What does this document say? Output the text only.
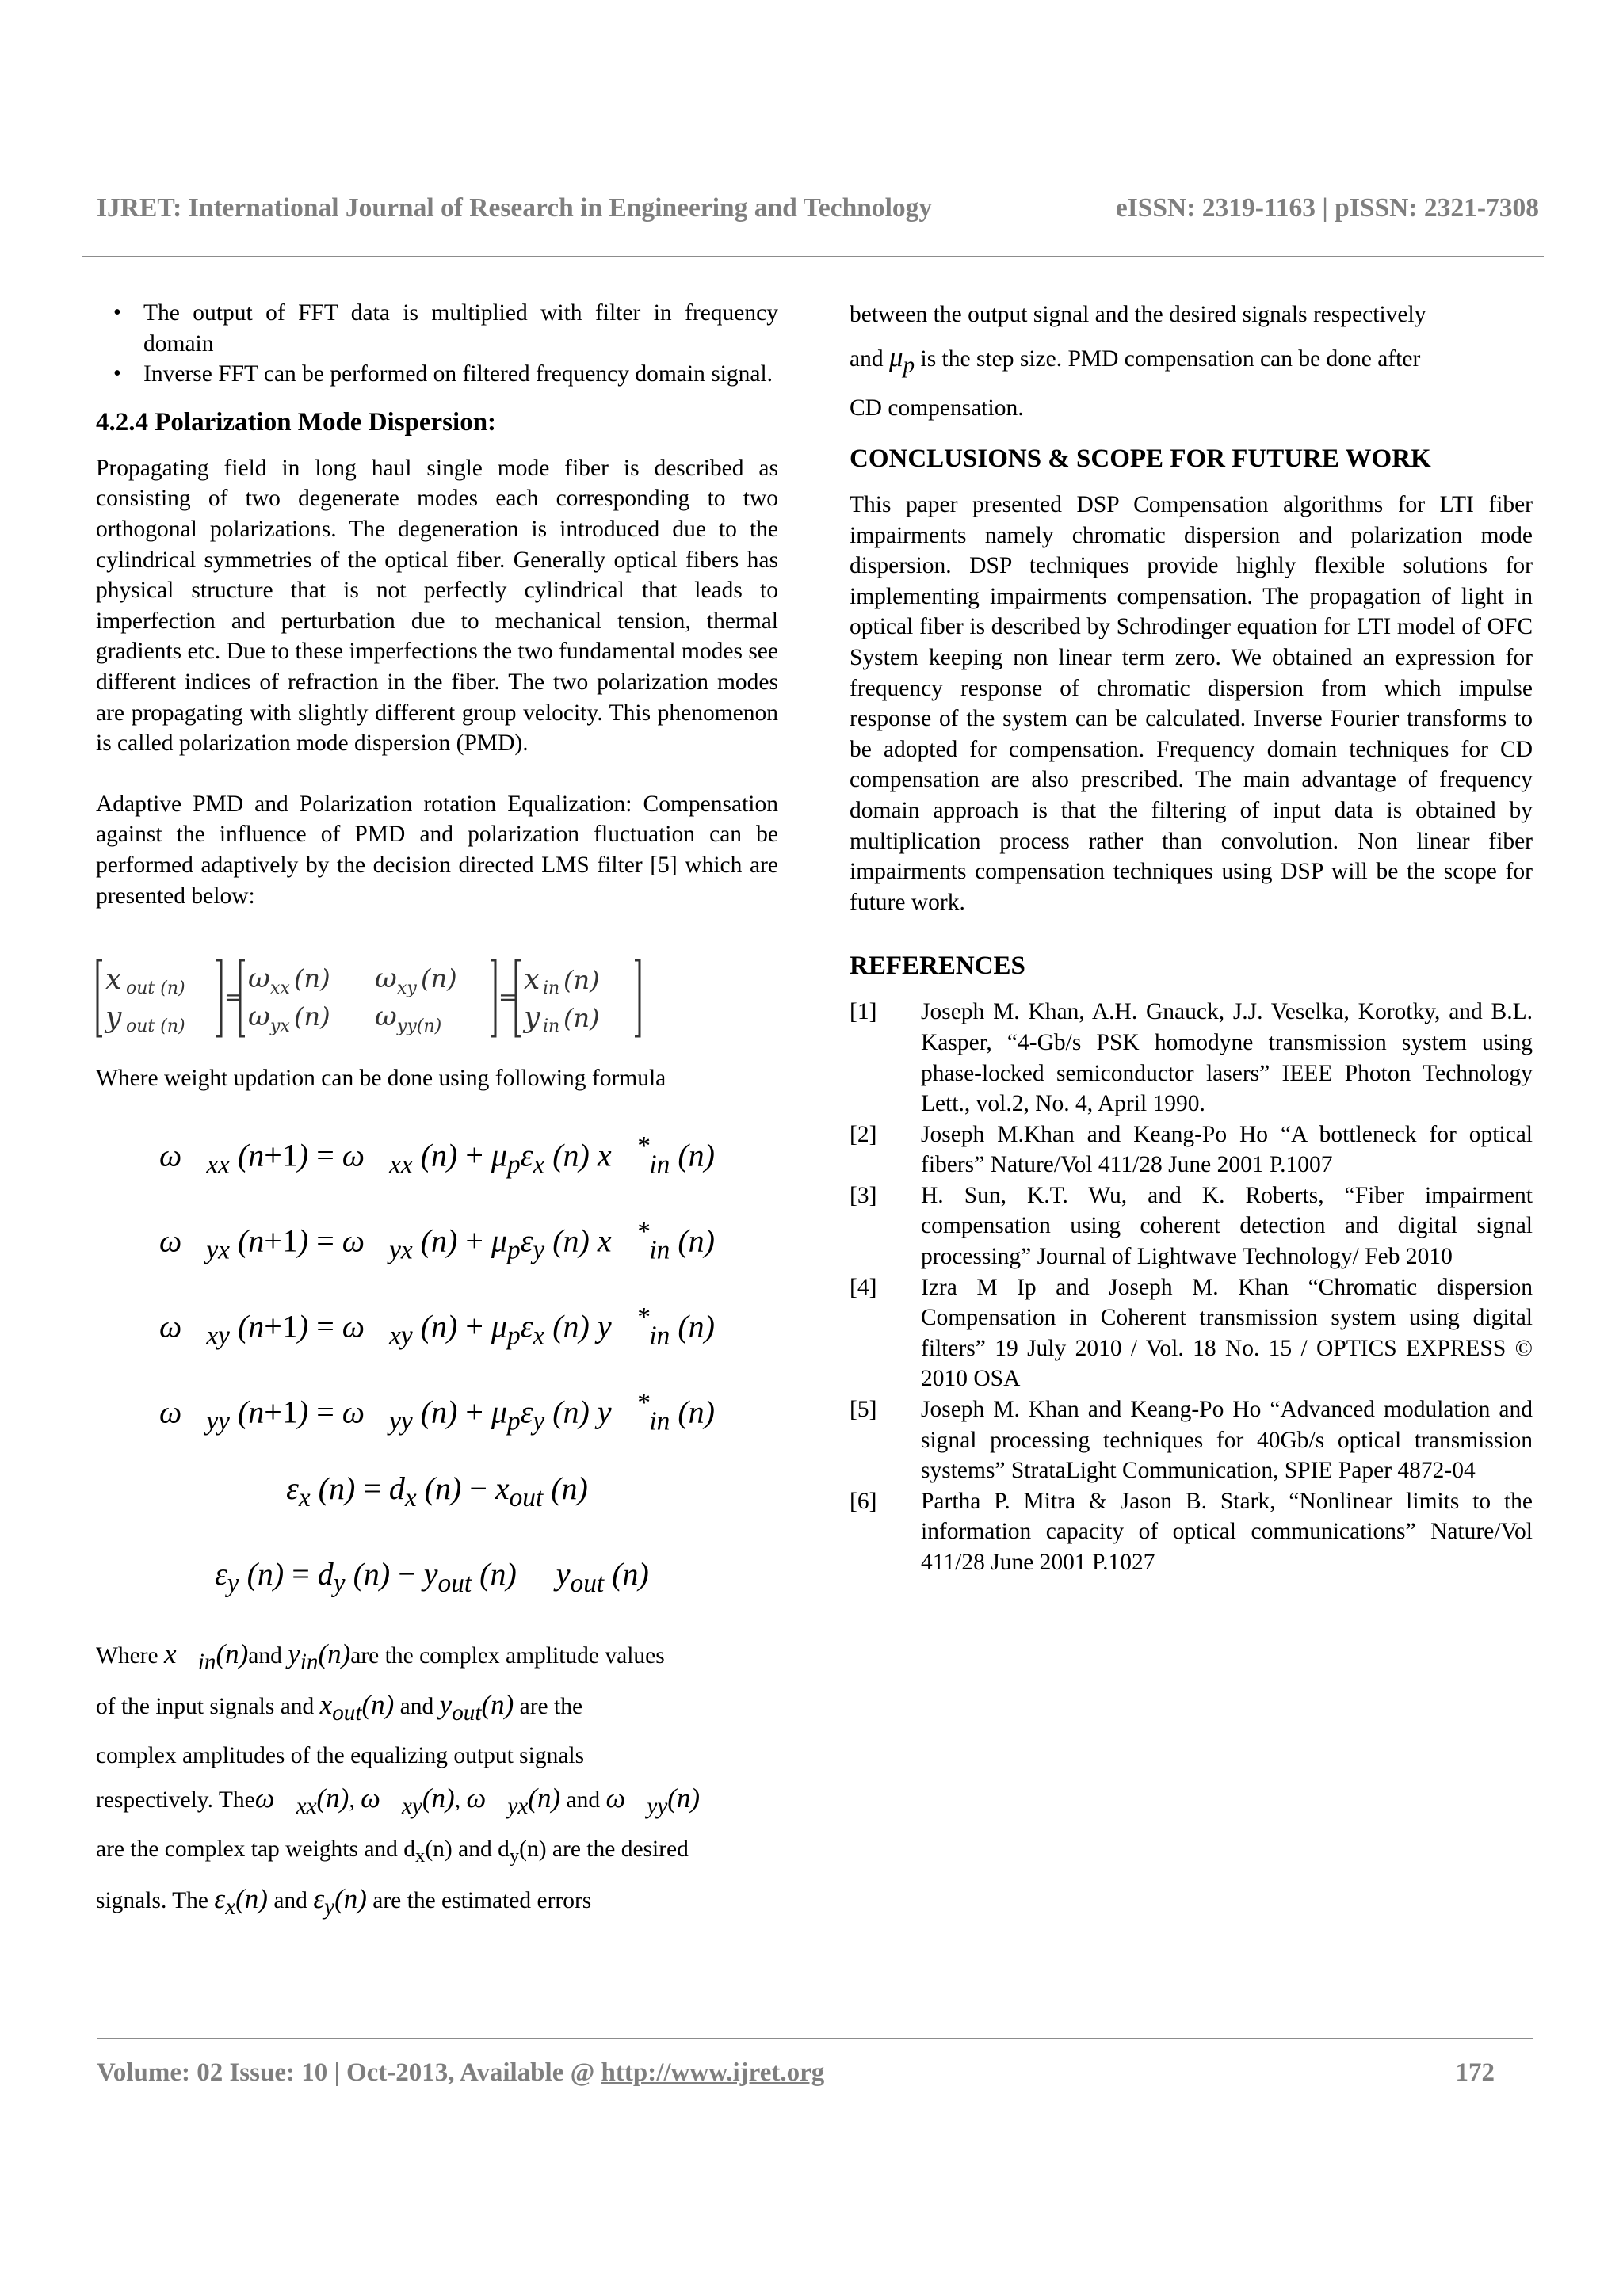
IJRET: International Journal of Research in Engineering and Technology	eISSN: 2319-1163 | pISSN: 2321-7308
• The output of FFT data is multiplied with filter in frequency domain
• Inverse FFT can be performed on filtered frequency domain signal.
4.2.4 Polarization Mode Dispersion:

Propagating field in long haul single mode fiber is described as consisting of two degenerate modes each corresponding to two orthogonal polarizations. The degeneration is introduced due to the cylindrical symmetries of the optical fiber. Generally optical fibers has physical structure that is not perfectly cylindrical that leads to imperfection and perturbation due to mechanical tension, thermal gradients etc. Due to these imperfections the two fundamental modes see different indices of refraction in the fiber. The two polarization modes are propagating with slightly different group velocity. This phenomenon is called polarization mode dispersion (PMD).

Adaptive PMD and Polarization rotation Equalization: Compensation against the influence of PMD and polarization fluctuation can be performed adaptively by the decision directed LMS filter [5] which are presented below:

x out (n)
y out (n)
=
ω xx (n) ω xy (n)
ω yx (n) ω yy(n)
=
x in (n)
y in (n)

Where weight updation can be done using following formula

$\omega⃗_{xx}$ $(n+1) = \omega⃗_{xx}$ $(n) + \mu_p\varepsilon_x$ (n) $x⃗^*_{in}$ (n)
$\omega⃗_{yx}$ $(n+1) = \omega⃗_{yx}$ $(n) + \mu_p\varepsilon_y$ (n) $x⃗^*_{in}$ (n)
$\omega⃗_{xy}$ $(n+1) = \omega⃗_{xy}$ $(n) + \mu_p\varepsilon_x$ (n) $y⃗^*_{in}$ (n)
$\omega⃗_{yy}$ $(n+1) = \omega⃗_{yy}$ $(n) + \mu_p\varepsilon_y$ (n) $y⃗^*_{in}$ (n)
$\varepsilon_x$ $(n) = d_x$ $(n) - x_{out}$ (n)
$\varepsilon_y$ $(n) = d_y$ $(n) - y_{out}$ (n)     $y_{out}$ (n)
Where $x⃗_{in}(n)and$ $y_{in}(n)are$ the complex amplitude values
of the input signals and $x_{out}(n)$ and $y_{out}(n)$ are the
complex amplitudes of the equalizing output signals
respectively. $The\omega⃗_{xx}(n)$, $\omega⃗_{xy}(n)$, $\omega⃗_{yx}(n)$ and $\omega⃗_{yy}(n)$
are the complex tap weights and $d_x(n)$ and $d_y(n)$ are the desired
signals. The $\varepsilon_x(n)$ and $\varepsilon_y(n)$ are the estimated errors
between the output signal and the desired signals respectively
and $\mu_p$ is the step size. PMD compensation can be done after
CD compensation.
CONCLUSIONS & SCOPE FOR FUTURE WORK

This paper presented DSP Compensation algorithms for LTI fiber impairments namely chromatic dispersion and polarization mode dispersion. DSP techniques provide highly flexible solutions for implementing impairments compensation. The propagation of light in optical fiber is described by Schrodinger equation for LTI model of OFC System keeping non linear term zero. We obtained an expression for frequency response of chromatic dispersion from which impulse response of the system can be calculated. Inverse Fourier transforms to be adopted for compensation. Frequency domain techniques for CD compensation are also prescribed. The main advantage of frequency domain approach is that the filtering of input data is obtained by multiplication process rather than convolution. Non linear fiber impairments compensation techniques using DSP will be the scope for future work.

REFERENCES
[1] Joseph M. Khan, A.H. Gnauck, J.J. Veselka, Korotky, and B.L. Kasper, “4-Gb/s PSK homodyne transmission system using phase-locked semiconductor lasers” IEEE Photon Technology Lett., vol.2, No. 4, April 1990.
[2] Joseph M.Khan and Keang-Po Ho “A bottleneck for optical fibers” Nature/Vol 411/28 June 2001 P.1007
[3] H. Sun, K.T. Wu, and K. Roberts, “Fiber impairment compensation using coherent detection and digital signal processing” Journal of Lightwave Technology/ Feb 2010
[4] Izra M Ip and Joseph M. Khan “Chromatic dispersion Compensation in Coherent transmission system using digital filters” 19 July 2010 / Vol. 18 No. 15 / OPTICS EXPRESS © 2010 OSA
[5] Joseph M. Khan and Keang-Po Ho “Advanced modulation and signal processing techniques for 40Gb/s optical transmission systems” StrataLight Communication, SPIE Paper 4872-04
[6] Partha P. Mitra & Jason B. Stark, “Nonlinear limits to the information capacity of optical communications” Nature/Vol 411/28 June 2001 P.1027
Volume: 02 Issue: 10 | Oct-2013, Available @ http://www.ijret.org	172
